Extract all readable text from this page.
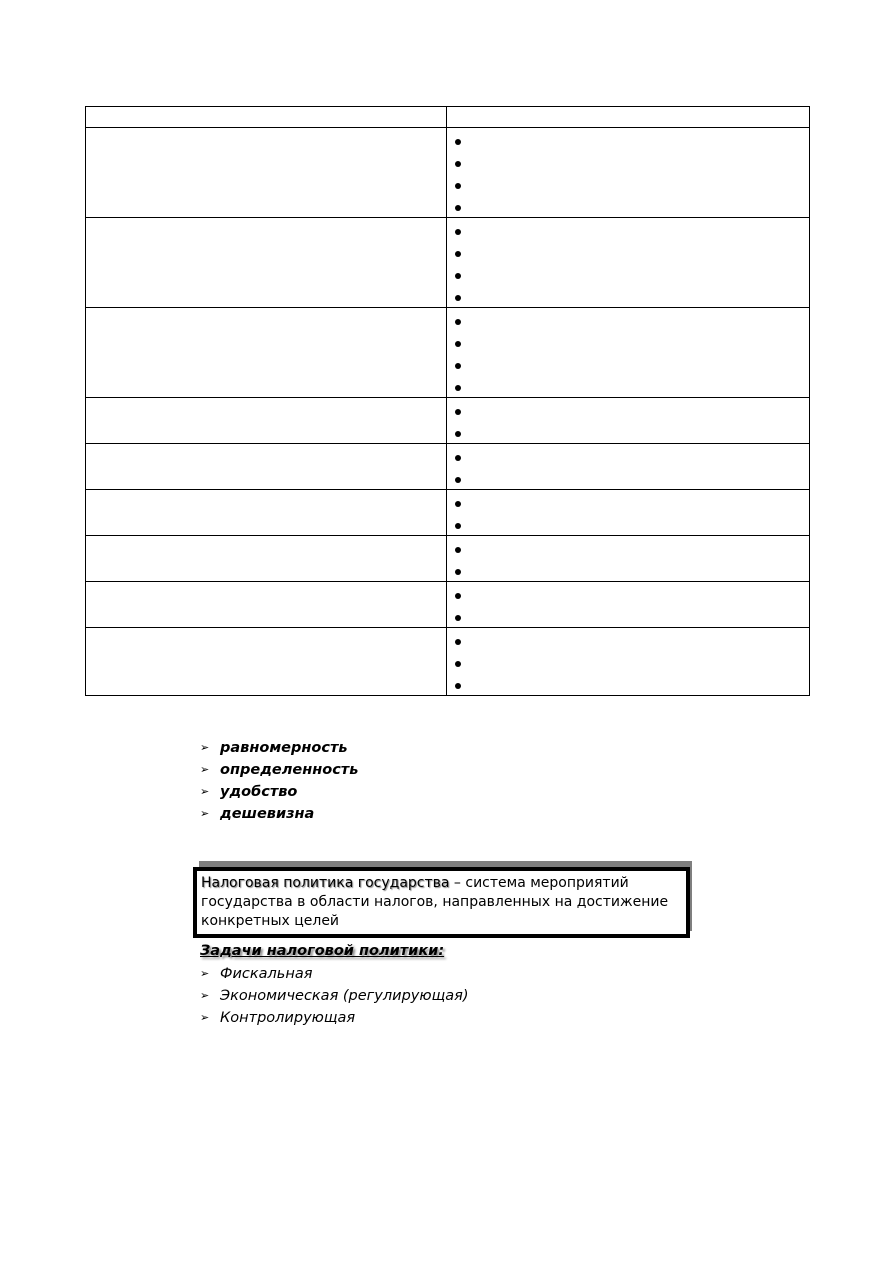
➢ равномерность
➢ определенность
➢ удобство
➢ дешевизна
Налоговая политика государства – система мероприятий государства в области налогов, направленных на достижение конкретных целей
Задачи налоговой политики:
➢ Фискальная
➢ Экономическая (регулирующая)
➢ Контролирующая
